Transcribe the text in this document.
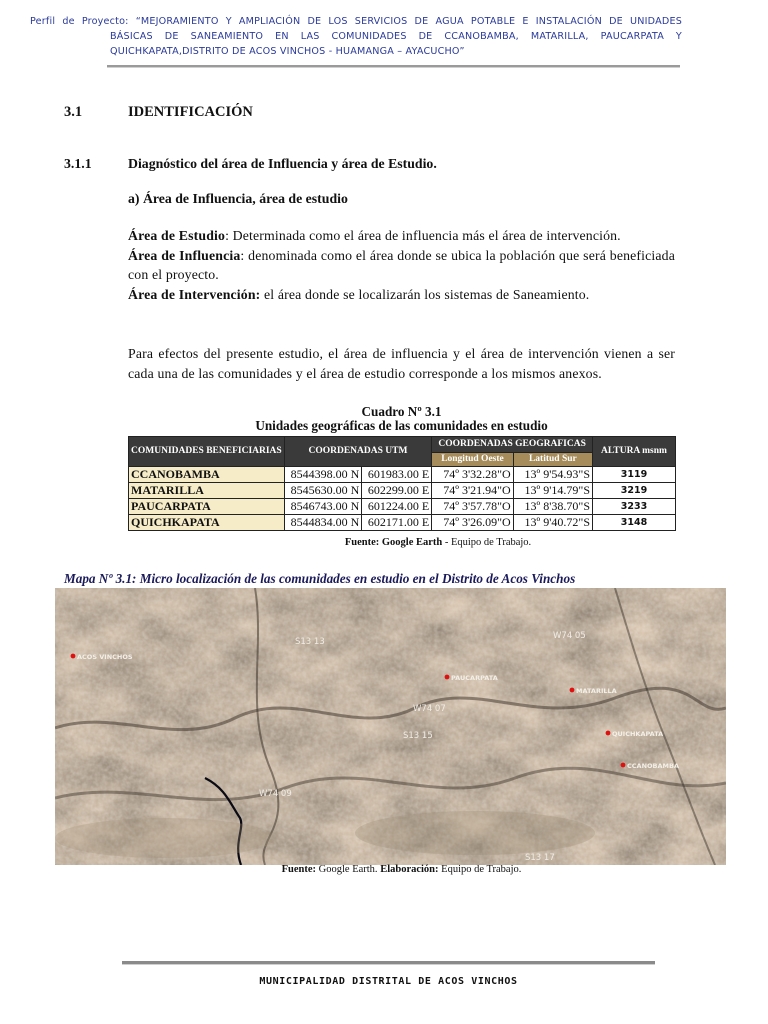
Perfil de Proyecto: “MEJORAMIENTO Y AMPLIACIÓN DE LOS SERVICIOS DE AGUA POTABLE E INSTALACIÓN DE UNIDADES
BÁSICAS DE SANEAMIENTO EN LAS COMUNIDADES DE CCANOBAMBA, MATARILLA, PAUCARPATA Y
QUICHKAPATA,DISTRITO DE ACOS VINCHOS - HUAMANGA – AYACUCHO”
3.1	IDENTIFICACIÓN
3.1.1	Diagnóstico del área de Influencia y área de Estudio.
a) Área de Influencia, área de estudio
Área de Estudio: Determinada como el área de influencia más el área de intervención.
Área de Influencia: denominada como el área donde se ubica la población que será beneficiada con el proyecto.
Área de Intervención: el área donde se localizarán los sistemas de Saneamiento.
Para efectos del presente estudio, el área de influencia y el área de intervención vienen a ser cada una de las comunidades y el área de estudio corresponde a los mismos anexos.
Cuadro Nº 3.1
Unidades geográficas de las comunidades en estudio
COMUNIDADES BENEFICIARIAS	COORDENADAS UTM		COORDENADAS GEOGRAFICAS		ALTURA msnm
			Longitud Oeste	Latitud Sur	
CCANOBAMBA	8544398.00 N	601983.00 E	74º 3'32.28"O	13º 9'54.93"S	3119
MATARILLA	8545630.00 N	602299.00 E	74º 3'21.94"O	13º 9'14.79"S	3219
PAUCARPATA	8546743.00 N	601224.00 E	74º 3'57.78"O	13º 8'38.70"S	3233
QUICHKAPATA	8544834.00 N	602171.00 E	74º 3'26.09"O	13º 9'40.72"S	3148
Fuente: Google Earth - Equipo de Trabajo.
Mapa Nº 3.1: Micro localización de las comunidades en estudio en el Distrito de Acos Vinchos
S13 13
W74 05
W74 07
S13 15
W74 09
S13 17
ACOS VINCHOS
PAUCARPATA
MATARILLA
QUICHKAPATA
CCANOBAMBA
Fuente: Google Earth. Elaboración: Equipo de Trabajo.
MUNICIPALIDAD DISTRITAL DE ACOS VINCHOS
